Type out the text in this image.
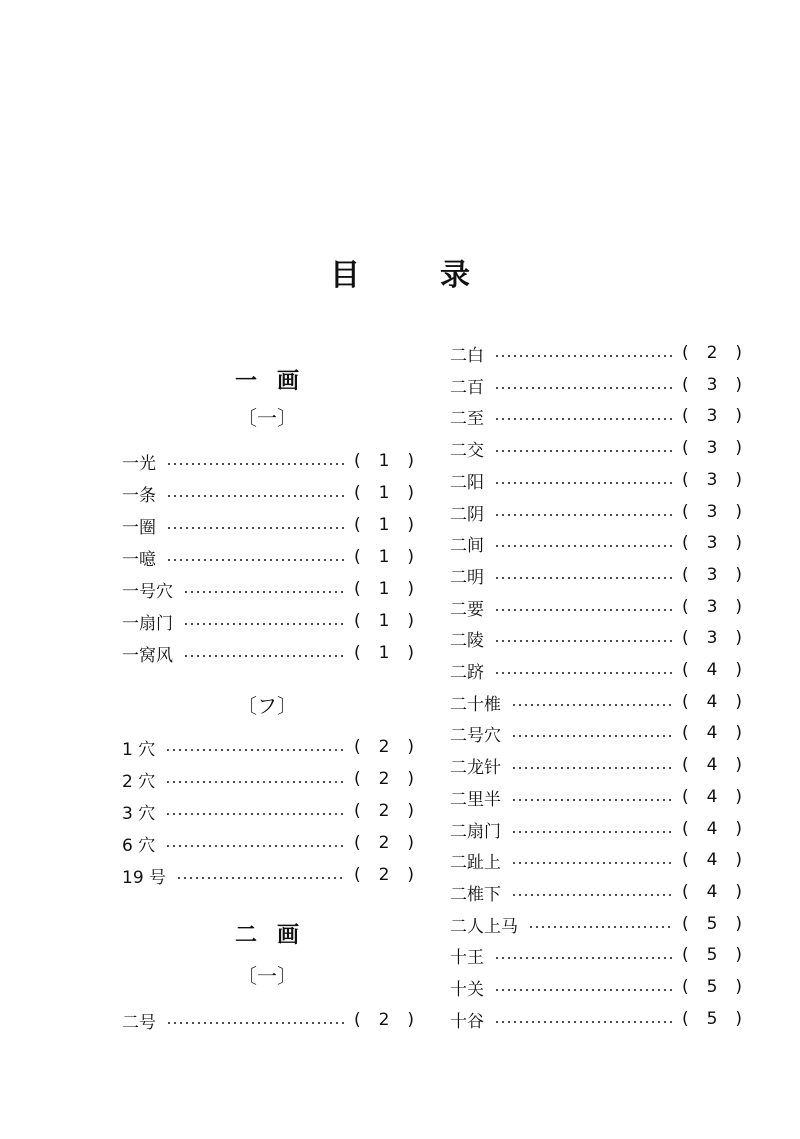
目录
一画
〔一〕
一光	( 1 )
一条	( 1 )
一圈	( 1 )
一噫	( 1 )
一号穴	( 1 )
一扇门	( 1 )
一窝风	( 1 )
〔フ〕
1 穴	( 2 )
2 穴	( 2 )
3 穴	( 2 )
6 穴	( 2 )
19 号	( 2 )
二画
〔一〕
二号	( 2 )
二白	( 2 )
二百	( 3 )
二至	( 3 )
二交	( 3 )
二阳	( 3 )
二阴	( 3 )
二间	( 3 )
二明	( 3 )
二要	( 3 )
二陵	( 3 )
二跻	( 4 )
二十椎	( 4 )
二号穴	( 4 )
二龙针	( 4 )
二里半	( 4 )
二扇门	( 4 )
二趾上	( 4 )
二椎下	( 4 )
二人上马	( 5 )
十王	( 5 )
十关	( 5 )
十谷	( 5 )
